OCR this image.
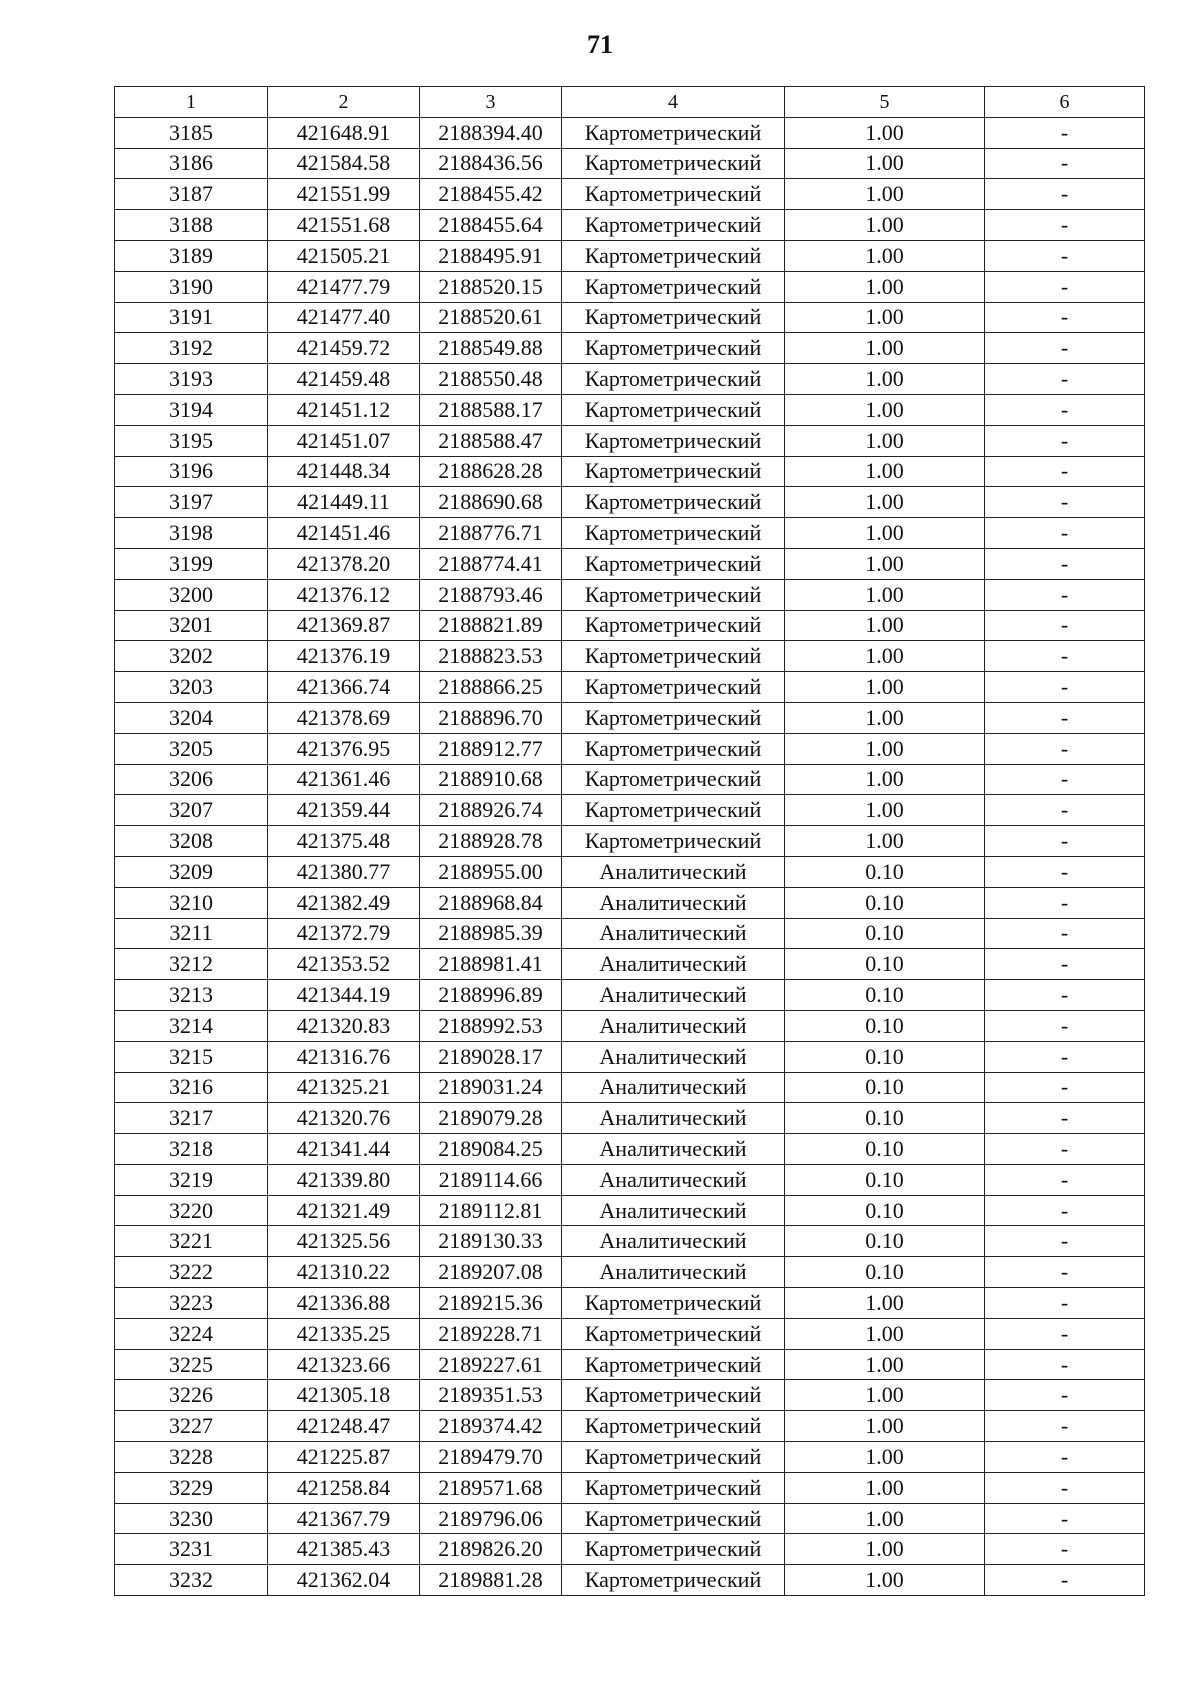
71
1	2	3	4	5	6
3185	421648.91	2188394.40	Картометрический	1.00	-
3186	421584.58	2188436.56	Картометрический	1.00	-
3187	421551.99	2188455.42	Картометрический	1.00	-
3188	421551.68	2188455.64	Картометрический	1.00	-
3189	421505.21	2188495.91	Картометрический	1.00	-
3190	421477.79	2188520.15	Картометрический	1.00	-
3191	421477.40	2188520.61	Картометрический	1.00	-
3192	421459.72	2188549.88	Картометрический	1.00	-
3193	421459.48	2188550.48	Картометрический	1.00	-
3194	421451.12	2188588.17	Картометрический	1.00	-
3195	421451.07	2188588.47	Картометрический	1.00	-
3196	421448.34	2188628.28	Картометрический	1.00	-
3197	421449.11	2188690.68	Картометрический	1.00	-
3198	421451.46	2188776.71	Картометрический	1.00	-
3199	421378.20	2188774.41	Картометрический	1.00	-
3200	421376.12	2188793.46	Картометрический	1.00	-
3201	421369.87	2188821.89	Картометрический	1.00	-
3202	421376.19	2188823.53	Картометрический	1.00	-
3203	421366.74	2188866.25	Картометрический	1.00	-
3204	421378.69	2188896.70	Картометрический	1.00	-
3205	421376.95	2188912.77	Картометрический	1.00	-
3206	421361.46	2188910.68	Картометрический	1.00	-
3207	421359.44	2188926.74	Картометрический	1.00	-
3208	421375.48	2188928.78	Картометрический	1.00	-
3209	421380.77	2188955.00	Аналитический	0.10	-
3210	421382.49	2188968.84	Аналитический	0.10	-
3211	421372.79	2188985.39	Аналитический	0.10	-
3212	421353.52	2188981.41	Аналитический	0.10	-
3213	421344.19	2188996.89	Аналитический	0.10	-
3214	421320.83	2188992.53	Аналитический	0.10	-
3215	421316.76	2189028.17	Аналитический	0.10	-
3216	421325.21	2189031.24	Аналитический	0.10	-
3217	421320.76	2189079.28	Аналитический	0.10	-
3218	421341.44	2189084.25	Аналитический	0.10	-
3219	421339.80	2189114.66	Аналитический	0.10	-
3220	421321.49	2189112.81	Аналитический	0.10	-
3221	421325.56	2189130.33	Аналитический	0.10	-
3222	421310.22	2189207.08	Аналитический	0.10	-
3223	421336.88	2189215.36	Картометрический	1.00	-
3224	421335.25	2189228.71	Картометрический	1.00	-
3225	421323.66	2189227.61	Картометрический	1.00	-
3226	421305.18	2189351.53	Картометрический	1.00	-
3227	421248.47	2189374.42	Картометрический	1.00	-
3228	421225.87	2189479.70	Картометрический	1.00	-
3229	421258.84	2189571.68	Картометрический	1.00	-
3230	421367.79	2189796.06	Картометрический	1.00	-
3231	421385.43	2189826.20	Картометрический	1.00	-
3232	421362.04	2189881.28	Картометрический	1.00	-
